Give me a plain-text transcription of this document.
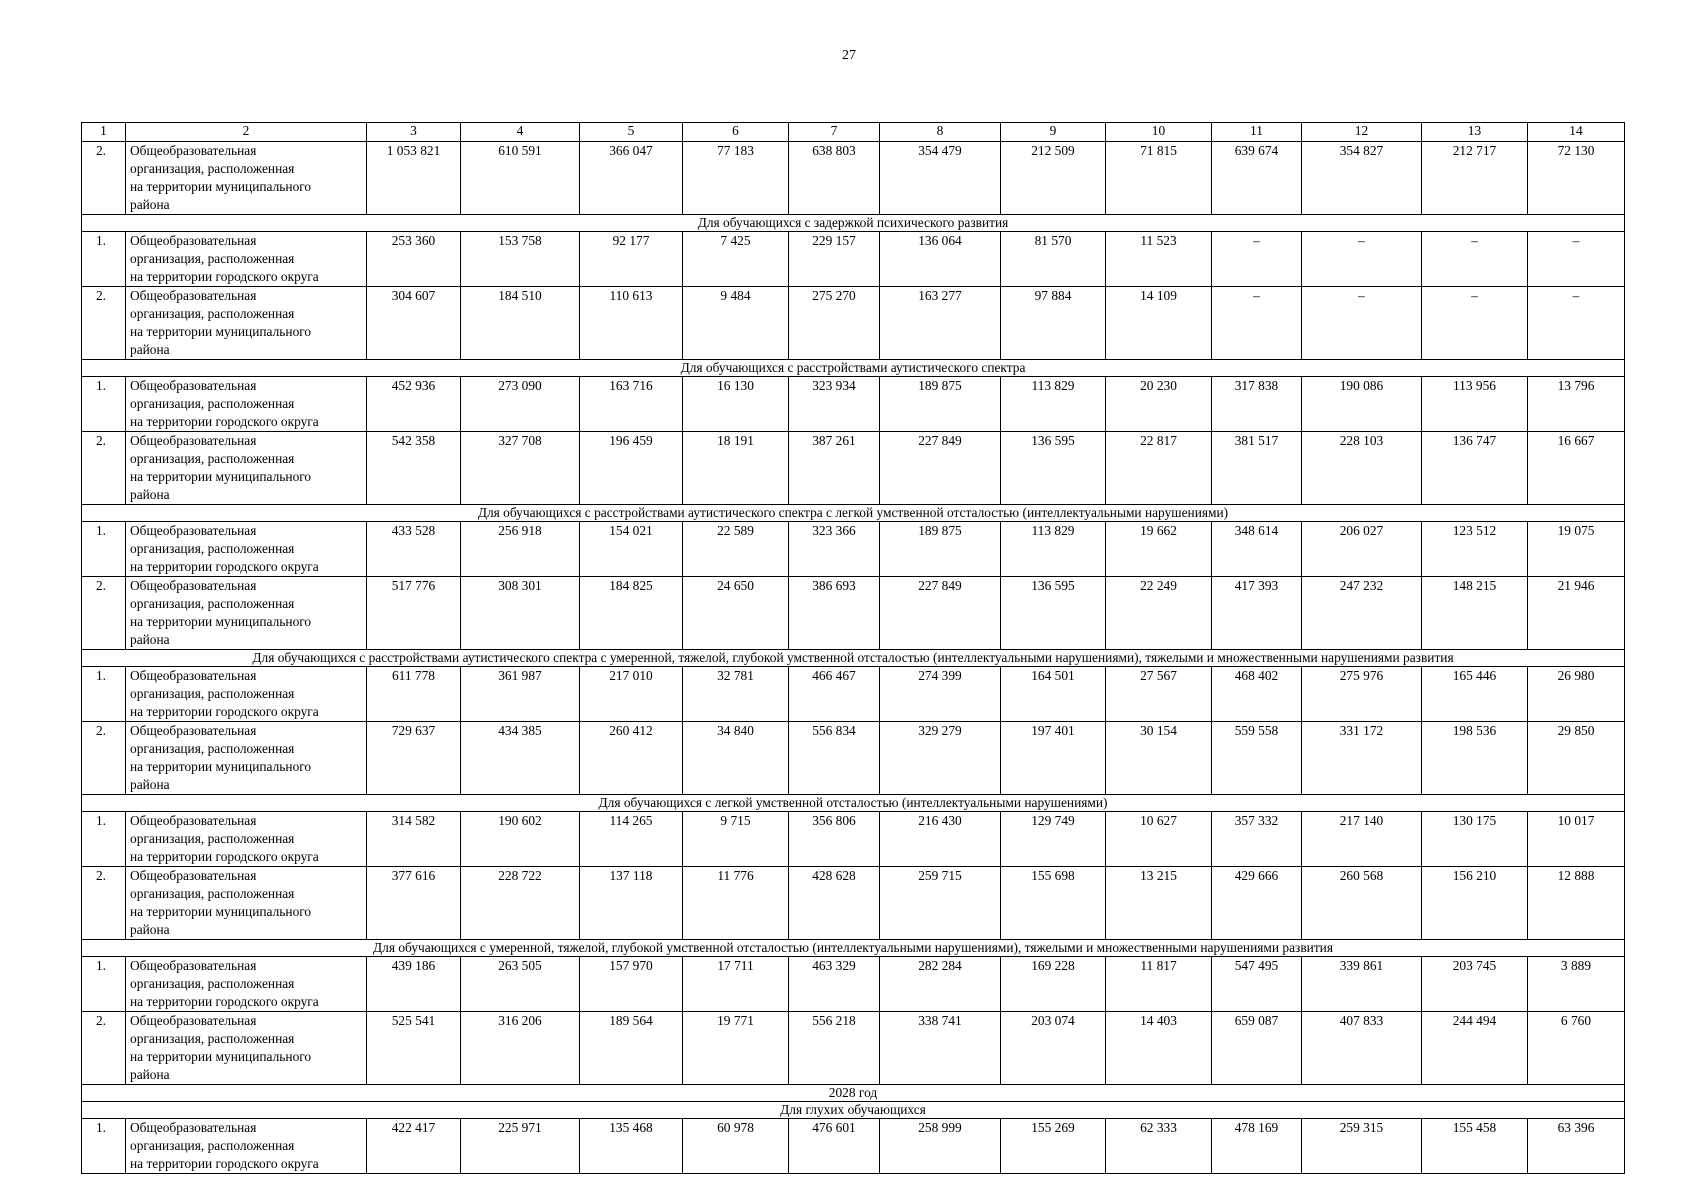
27
1	2	3	4	5	6	7	8	9	10	11	12	13	14
2.	Общеобразовательная
организация, расположенная
на территории муниципального
района	1 053 821	610 591	366 047	77 183	638 803	354 479	212 509	71 815	639 674	354 827	212 717	72 130
Для обучающихся с задержкой психического развития													
1.	Общеобразовательная
организация, расположенная
на территории городского округа	253 360	153 758	92 177	7 425	229 157	136 064	81 570	11 523	–	–	–	–
2.	Общеобразовательная
организация, расположенная
на территории муниципального
района	304 607	184 510	110 613	9 484	275 270	163 277	97 884	14 109	–	–	–	–
Для обучающихся с расстройствами аутистического спектра													
1.	Общеобразовательная
организация, расположенная
на территории городского округа	452 936	273 090	163 716	16 130	323 934	189 875	113 829	20 230	317 838	190 086	113 956	13 796
2.	Общеобразовательная
организация, расположенная
на территории муниципального
района	542 358	327 708	196 459	18 191	387 261	227 849	136 595	22 817	381 517	228 103	136 747	16 667
Для обучающихся с расстройствами аутистического спектра с легкой умственной отсталостью (интеллектуальными нарушениями)													
1.	Общеобразовательная
организация, расположенная
на территории городского округа	433 528	256 918	154 021	22 589	323 366	189 875	113 829	19 662	348 614	206 027	123 512	19 075
2.	Общеобразовательная
организация, расположенная
на территории муниципального
района	517 776	308 301	184 825	24 650	386 693	227 849	136 595	22 249	417 393	247 232	148 215	21 946
Для обучающихся с расстройствами аутистического спектра с умеренной, тяжелой, глубокой умственной отсталостью (интеллектуальными нарушениями), тяжелыми и множественными нарушениями развития													
1.	Общеобразовательная
организация, расположенная
на территории городского округа	611 778	361 987	217 010	32 781	466 467	274 399	164 501	27 567	468 402	275 976	165 446	26 980
2.	Общеобразовательная
организация, расположенная
на территории муниципального
района	729 637	434 385	260 412	34 840	556 834	329 279	197 401	30 154	559 558	331 172	198 536	29 850
Для обучающихся с легкой умственной отсталостью (интеллектуальными нарушениями)													
1.	Общеобразовательная
организация, расположенная
на территории городского округа	314 582	190 602	114 265	9 715	356 806	216 430	129 749	10 627	357 332	217 140	130 175	10 017
2.	Общеобразовательная
организация, расположенная
на территории муниципального
района	377 616	228 722	137 118	11 776	428 628	259 715	155 698	13 215	429 666	260 568	156 210	12 888
Для обучающихся с умеренной, тяжелой, глубокой умственной отсталостью (интеллектуальными нарушениями), тяжелыми и множественными нарушениями развития													
1.	Общеобразовательная
организация, расположенная
на территории городского округа	439 186	263 505	157 970	17 711	463 329	282 284	169 228	11 817	547 495	339 861	203 745	3 889
2.	Общеобразовательная
организация, расположенная
на территории муниципального
района	525 541	316 206	189 564	19 771	556 218	338 741	203 074	14 403	659 087	407 833	244 494	6 760
2028 год													
Для глухих обучающихся													
1.	Общеобразовательная
организация, расположенная
на территории городского округа	422 417	225 971	135 468	60 978	476 601	258 999	155 269	62 333	478 169	259 315	155 458	63 396
